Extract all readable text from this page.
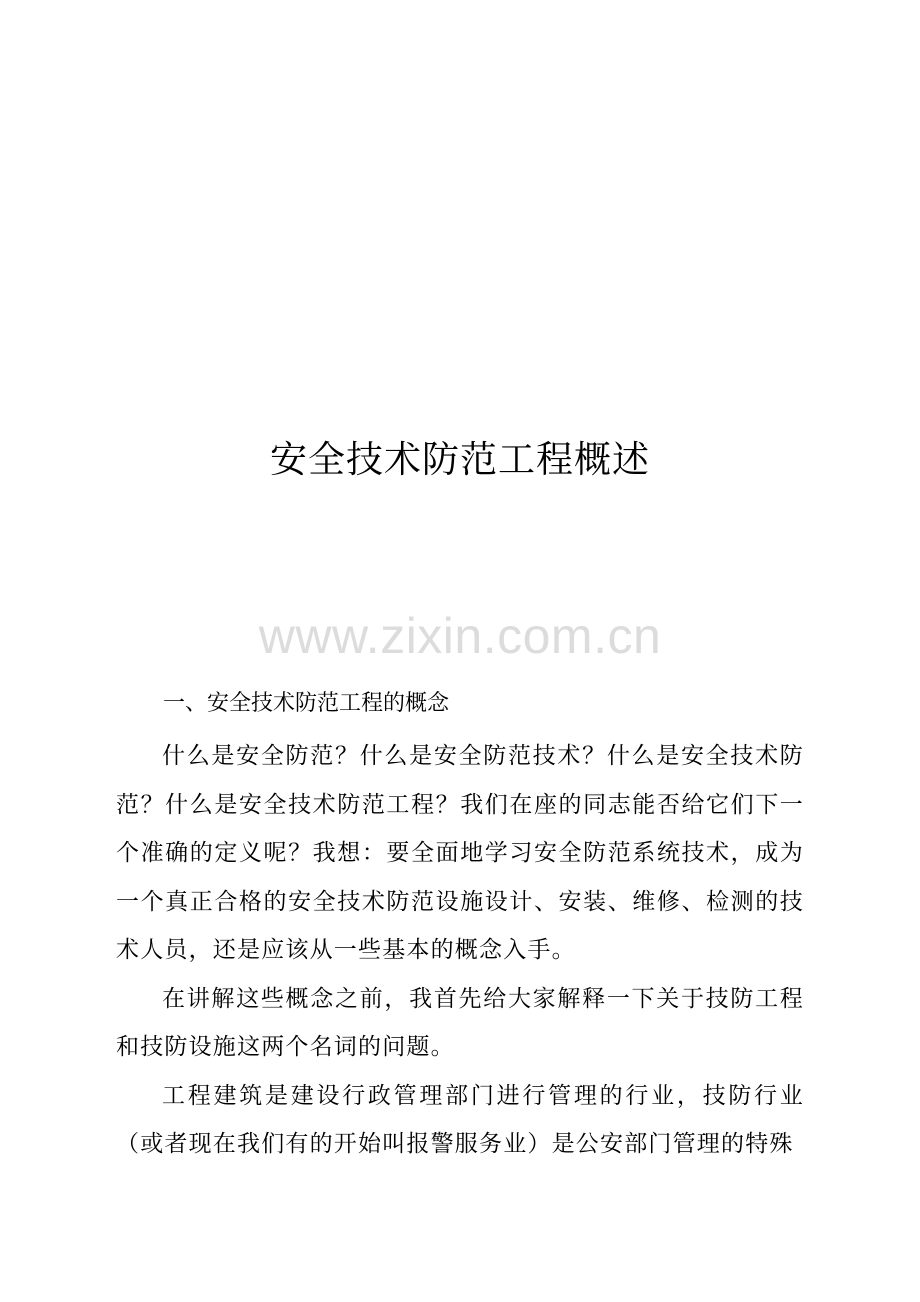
安全技术防范工程概述
www.zixin.com.cn
一、安全技术防范工程的概念

什么是安全防范？什么是安全防范技术？什么是安全技术防范？什么是安全技术防范工程？我们在座的同志能否给它们下一个准确的定义呢？我想：要全面地学习安全防范系统技术，成为一个真正合格的安全技术防范设施设计、安装、维修、检测的技术人员，还是应该从一些基本的概念入手。

在讲解这些概念之前，我首先给大家解释一下关于技防工程和技防设施这两个名词的问题。

工程建筑是建设行政管理部门进行管理的行业，技防行业（或者现在我们有的开始叫报警服务业）是公安部门管理的特殊
